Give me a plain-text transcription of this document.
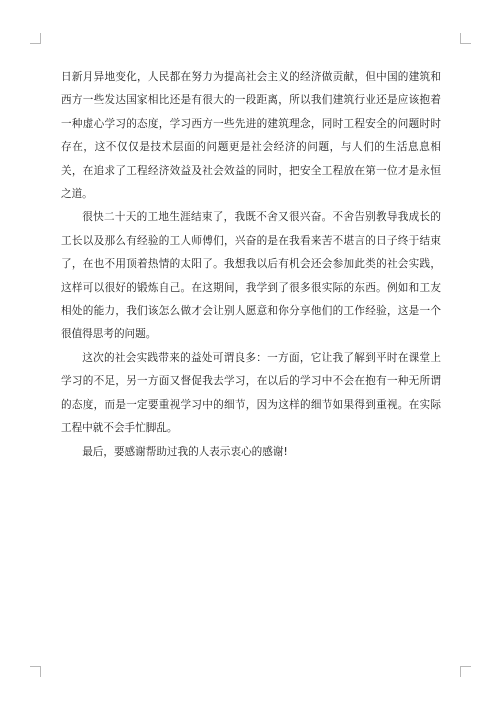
日新月异地变化，人民都在努力为提高社会主义的经济做贡献，但中国的建筑和西方一些发达国家相比还是有很大的一段距离，所以我们建筑行业还是应该抱着一种虚心学习的态度，学习西方一些先进的建筑理念，同时工程安全的问题时时存在，这不仅仅是技术层面的问题更是社会经济的问题，与人们的生活息息相关，在追求了工程经济效益及社会效益的同时，把安全工程放在第一位才是永恒之道。

很快二十天的工地生涯结束了，我既不舍又很兴奋。不舍告别教导我成长的工长以及那么有经验的工人师傅们，兴奋的是在我看来苦不堪言的日子终于结束了，在也不用顶着热情的太阳了。我想我以后有机会还会参加此类的社会实践，这样可以很好的锻炼自己。在这期间，我学到了很多很实际的东西。例如和工友相处的能力，我们该怎么做才会让别人愿意和你分享他们的工作经验，这是一个很值得思考的问题。

这次的社会实践带来的益处可谓良多：一方面，它让我了解到平时在课堂上学习的不足，另一方面又督促我去学习，在以后的学习中不会在抱有一种无所谓的态度，而是一定要重视学习中的细节，因为这样的细节如果得到重视。在实际工程中就不会手忙脚乱。

最后，要感谢帮助过我的人表示衷心的感谢!
